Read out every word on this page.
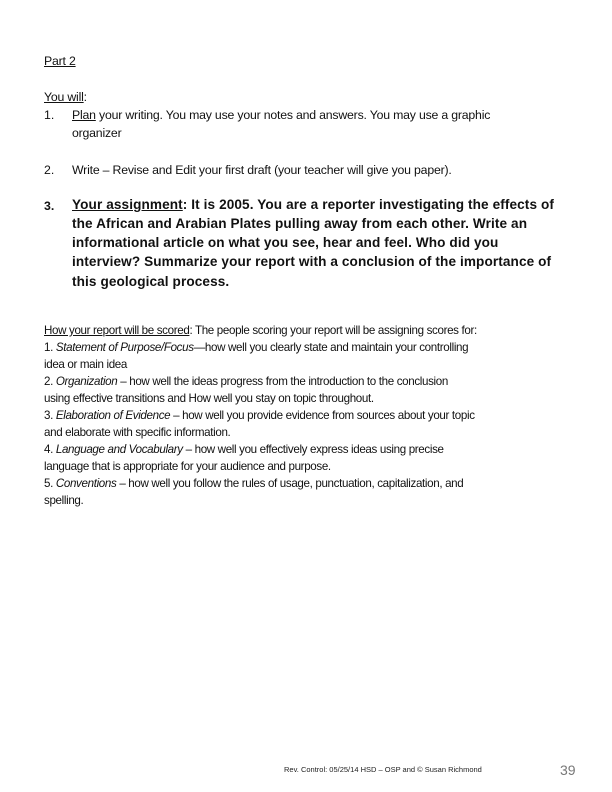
Part 2
You will:
1. Plan your writing. You may use your notes and answers. You may use a graphic
organizer
2. Write – Revise and Edit your first draft (your teacher will give you paper).
3. Your assignment: It is 2005. You are a reporter investigating the effects of
the African and Arabian Plates pulling away from each other. Write an
informational article on what you see, hear and feel. Who did you
interview? Summarize your report with a conclusion of the importance of
this geological process.
How your report will be scored: The people scoring your report will be assigning scores for:
1. Statement of Purpose/Focus—how well you clearly state and maintain your controlling
idea or main idea
2. Organization – how well the ideas progress from the introduction to the conclusion
using effective transitions and How well you stay on topic throughout.
3. Elaboration of Evidence – how well you provide evidence from sources about your topic
and elaborate with specific information.
4. Language and Vocabulary – how well you effectively express ideas using precise
language that is appropriate for your audience and purpose.
5. Conventions – how well you follow the rules of usage, punctuation, capitalization, and
spelling.
Rev. Control: 05/25/14 HSD – OSP and © Susan Richmond	39
